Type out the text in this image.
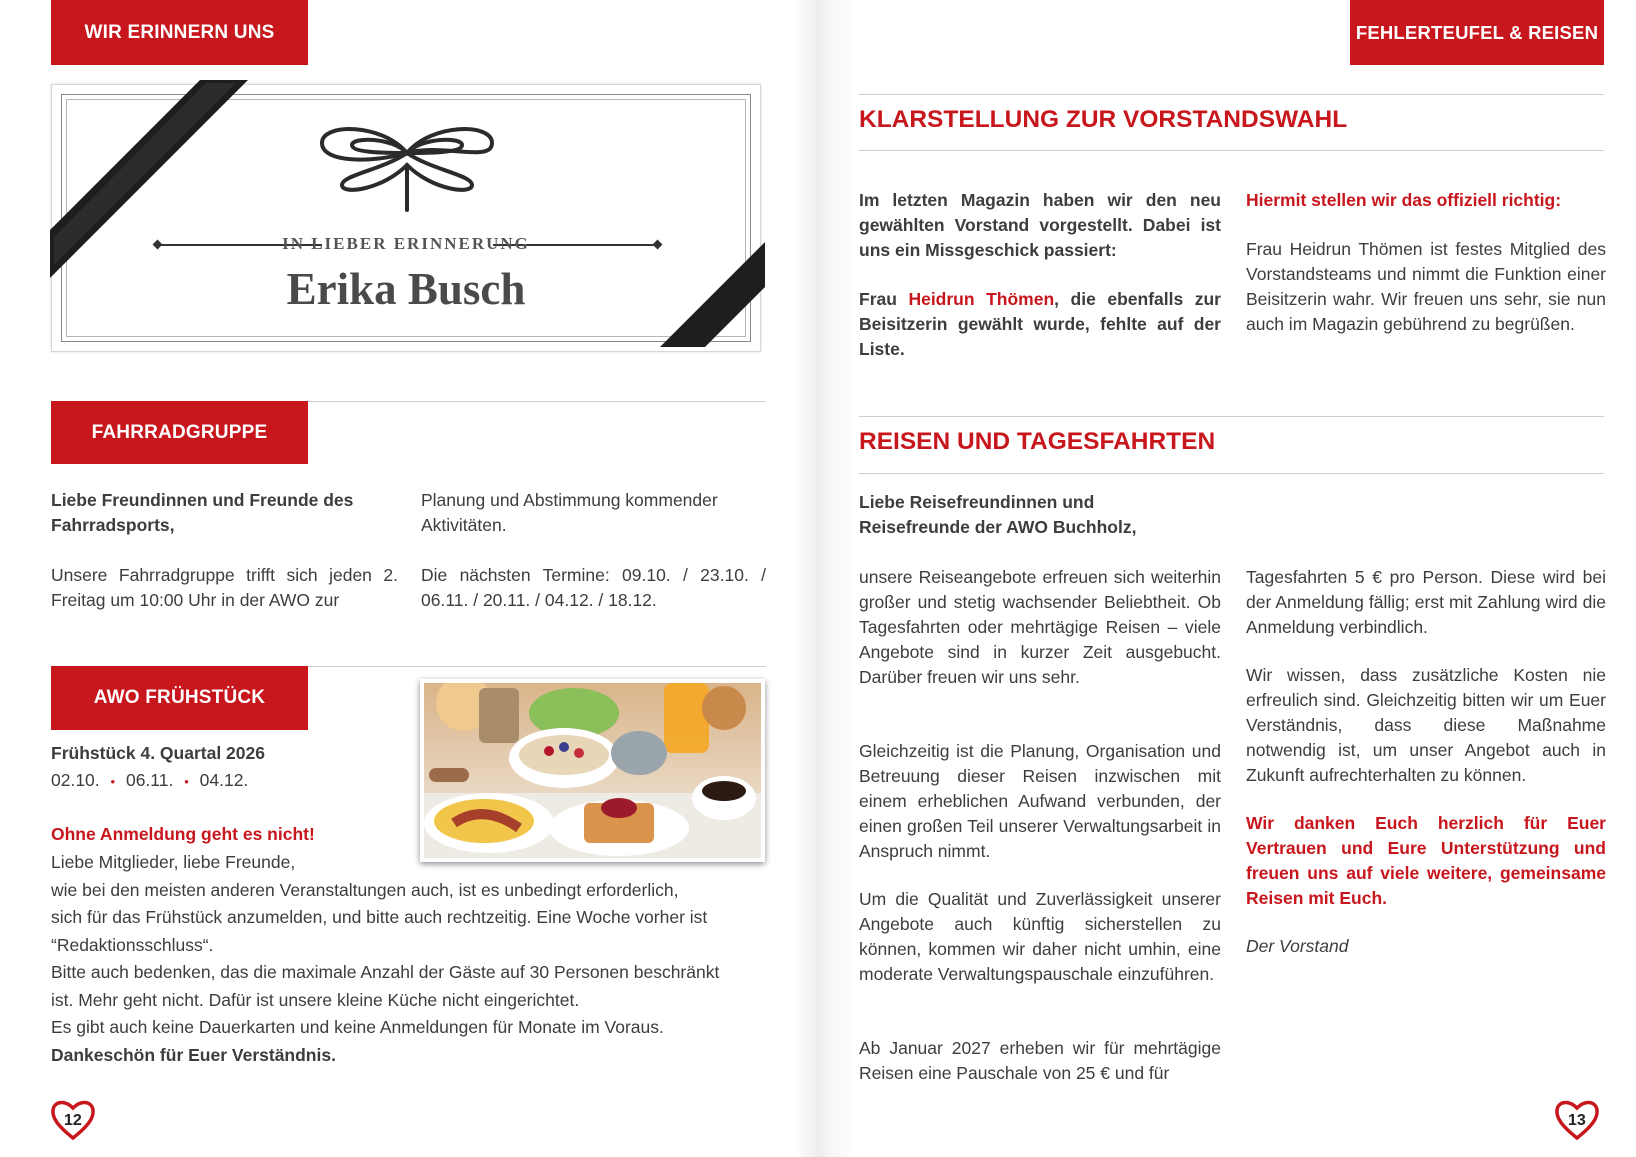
WIR ERINNERN UNS
IN LIEBER ERINNERUNG
Erika Busch
FAHRRADGRUPPE

Liebe Freundinnen und Freunde des Fahrradsports,

Unsere Fahrradgruppe trifft sich jeden 2. Freitag um 10:00 Uhr in der AWO zur

Planung und Abstimmung kommender Aktivitäten.

Die nächsten Termine: 09.10. / 23.10. / 06.11. / 20.11. / 04.12. / 18.12.

AWO FRÜHSTÜCK

Frühstück 4. Quartal 2026

02.10. • 06.11. • 04.12.

Ohne Anmeldung geht es nicht!

Liebe Mitglieder, liebe Freunde,

wie bei den meisten anderen Veranstaltungen auch, ist es unbedingt erforderlich,

sich für das Frühstück anzumelden, und bitte auch rechtzeitig. Eine Woche vorher ist

“Redaktionsschluss“.

Bitte auch bedenken, das die maximale Anzahl der Gäste auf 30 Personen beschränkt

ist. Mehr geht nicht. Dafür ist unsere kleine Küche nicht eingerichtet.

Es gibt auch keine Dauerkarten und keine Anmeldungen für Monate im Voraus.

Dankeschön für Euer Verständnis.

12
FEHLERTEUFEL & REISEN
KLARSTELLUNG ZUR VORSTANDSWAHL

Im letzten Magazin haben wir den neu gewählten Vorstand vorgestellt. Dabei ist uns ein Missgeschick passiert:

Frau Heidrun Thömen, die ebenfalls zur Beisitzerin gewählt wurde, fehlte auf der Liste.

Hiermit stellen wir das offiziell richtig:

Frau Heidrun Thömen ist festes Mitglied des Vorstandsteams und nimmt die Funktion einer Beisitzerin wahr. Wir freuen uns sehr, sie nun auch im Magazin gebührend zu begrüßen.

REISEN UND TAGESFAHRTEN

Liebe Reisefreundinnen und Reisefreunde der AWO Buchholz,

unsere Reiseangebote erfreuen sich weiterhin großer und stetig wachsender Beliebtheit. Ob Tagesfahrten oder mehrtägige Reisen – viele Angebote sind in kurzer Zeit ausgebucht. Darüber freuen wir uns sehr.

Gleichzeitig ist die Planung, Organisation und Betreuung dieser Reisen inzwischen mit einem erheblichen Aufwand verbunden, der einen großen Teil unserer Verwaltungsarbeit in Anspruch nimmt.

Um die Qualität und Zuverlässigkeit unserer Angebote auch künftig sicherstellen zu können, kommen wir daher nicht umhin, eine moderate Verwaltungspauschale einzuführen.

Ab Januar 2027 erheben wir für mehrtägige Reisen eine Pauschale von 25 € und für

Tagesfahrten 5 € pro Person. Diese wird bei der Anmeldung fällig; erst mit Zahlung wird die Anmeldung verbindlich.

Wir wissen, dass zusätzliche Kosten nie erfreulich sind. Gleichzeitig bitten wir um Euer Verständnis, dass diese Maßnahme notwendig ist, um unser Angebot auch in Zukunft aufrechterhalten zu können.

Wir danken Euch herzlich für Euer Vertrauen und Eure Unterstützung und freuen uns auf viele weitere, gemeinsame Reisen mit Euch.

Der Vorstand

13
